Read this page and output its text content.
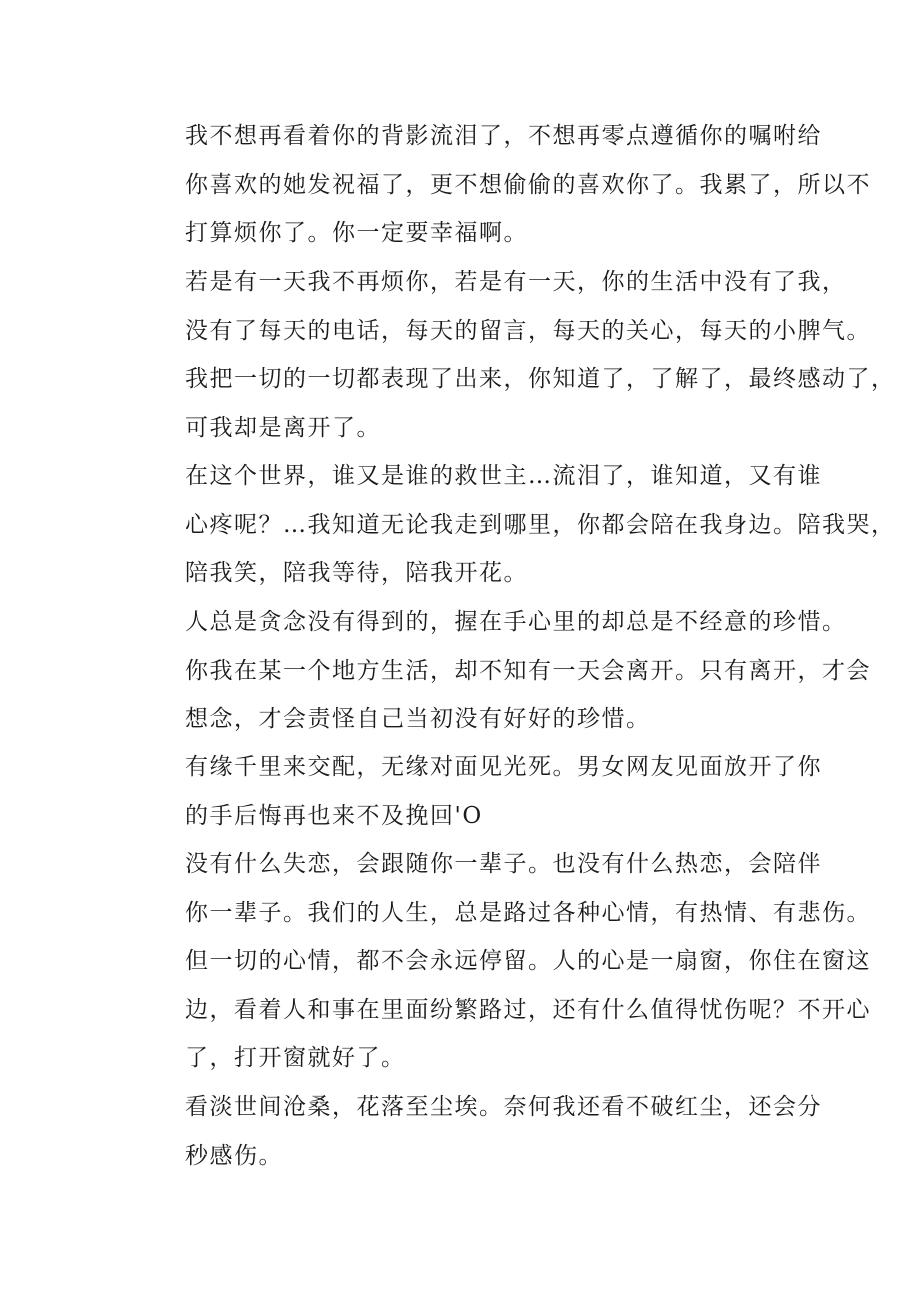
我不想再看着你的背影流泪了，不想再零点遵循你的嘱咐给
你喜欢的她发祝福了，更不想偷偷的喜欢你了。我累了，所以不
打算烦你了。你一定要幸福啊。

若是有一天我不再烦你，若是有一天，你的生活中没有了我，
没有了每天的电话，每天的留言，每天的关心，每天的小脾气。
我把一切的一切都表现了出来，你知道了，了解了，最终感动了，
可我却是离开了。

在这个世界，谁又是谁的救世主…流泪了，谁知道，又有谁
心疼呢？…我知道无论我走到哪里，你都会陪在我身边。陪我哭，
陪我笑，陪我等待，陪我开花。

人总是贪念没有得到的，握在手心里的却总是不经意的珍惜。
你我在某一个地方生活，却不知有一天会离开。只有离开，才会
想念，才会责怪自己当初没有好好的珍惜。

有缘千里来交配，无缘对面见光死。男女网友见面放开了你
的手后悔再也来不及挽回'O

没有什么失恋，会跟随你一辈子。也没有什么热恋，会陪伴
你一辈子。我们的人生，总是路过各种心情，有热情、有悲伤。
但一切的心情，都不会永远停留。人的心是一扇窗，你住在窗这
边，看着人和事在里面纷繁路过，还有什么值得忧伤呢？不开心
了，打开窗就好了。

看淡世间沧桑，花落至尘埃。奈何我还看不破红尘，还会分
秒感伤。
